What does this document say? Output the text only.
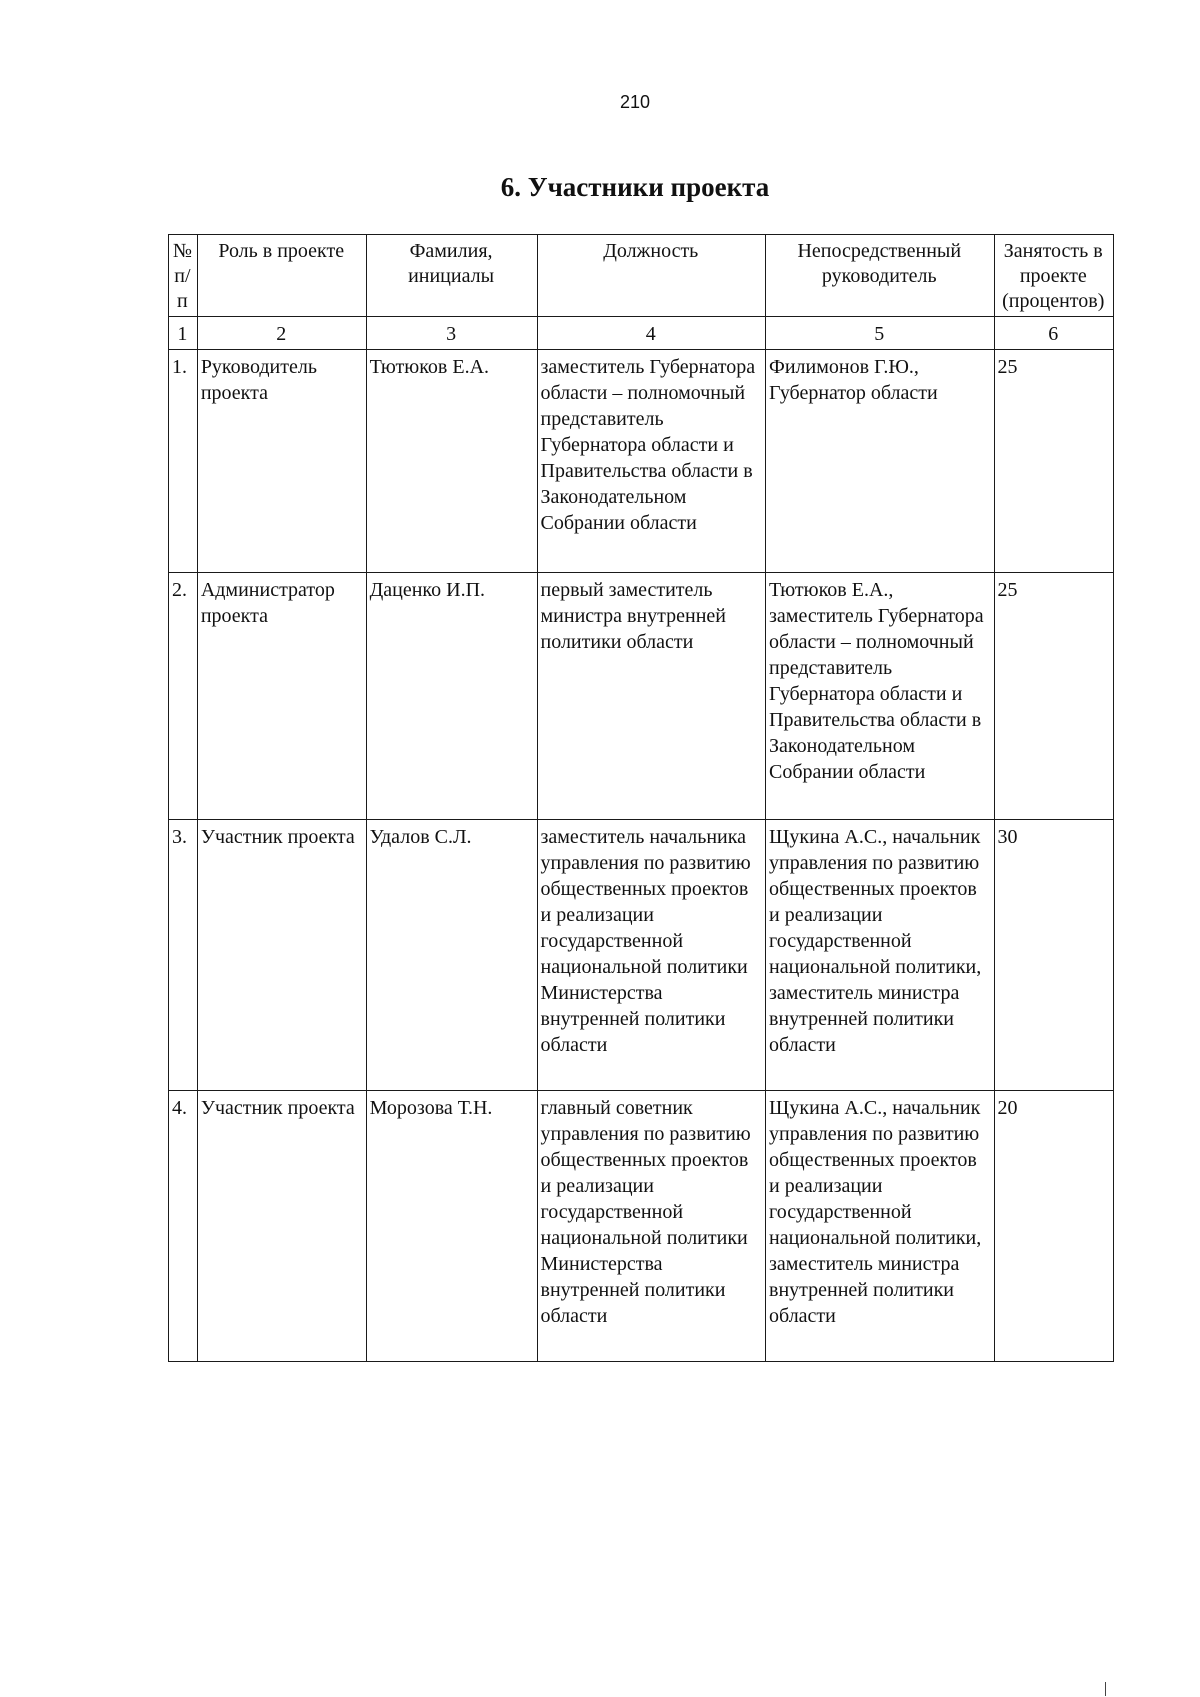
210
6. Участники проекта
№ п/п	Роль в проекте	Фамилия, инициалы	Должность	Непосредственный руководитель	Занятость в проекте (процентов)
1	2	3	4	5	6
1.	Руководитель проекта	Тютюков Е.А.	заместитель Губернатора области – полномочный представитель Губернатора области и Правительства области в Законодательном Собрании области	Филимонов Г.Ю., Губернатор области	25
2.	Администратор проекта	Даценко И.П.	первый заместитель министра внутренней политики области	Тютюков Е.А., заместитель Губернатора области – полномочный представитель Губернатора области и Правительства области в Законодательном Собрании области	25
3.	Участник проекта	Удалов С.Л.	заместитель начальника управления по развитию общественных проектов и реализации государственной национальной политики Министерства внутренней политики области	Щукина А.С., начальник управления по развитию общественных проектов и реализации государственной национальной политики, заместитель министра внутренней политики области	30
4.	Участник проекта	Морозова Т.Н.	главный советник управления по развитию общественных проектов и реализации государственной национальной политики Министерства внутренней политики области	Щукина А.С., начальник управления по развитию общественных проектов и реализации государственной национальной политики, заместитель министра внутренней политики области	20
